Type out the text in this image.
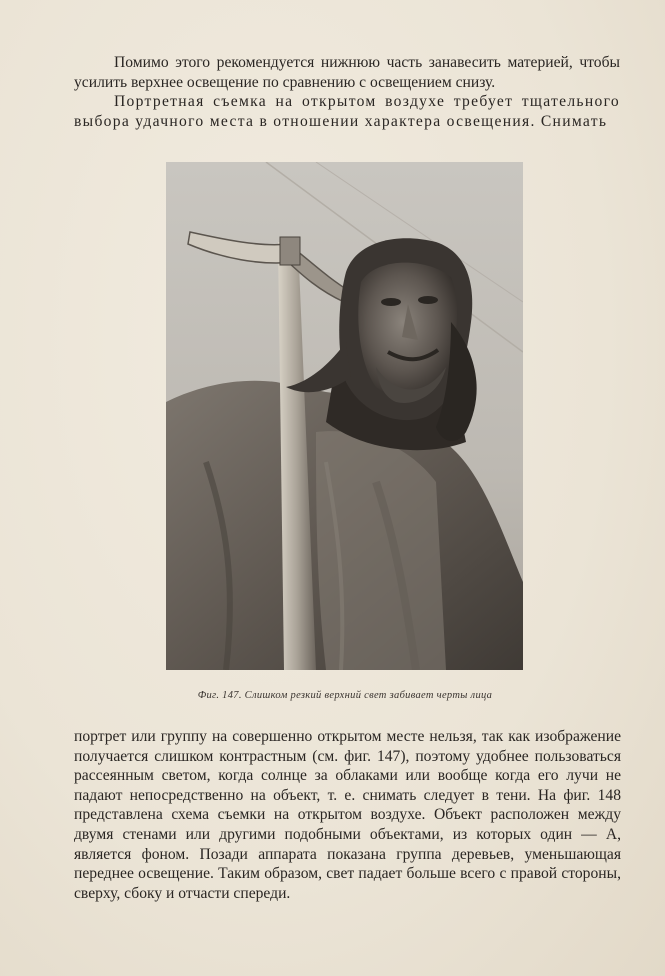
Помимо этого рекомендуется нижнюю часть занавесить материей, чтобы усилить верхнее освещение по сравнению с освещением снизу.

Портретная съемка на открытом воздухе требует тщательного выбора удачного места в отношении характера освещения. Снимать

Фиг. 147. Слишком резкий верхний свет забивает черты лица

портрет или группу на совершенно открытом месте нельзя, так как изображение получается слишком контрастным (см. фиг. 147), поэтому удобнее пользоваться рассеянным светом, когда солнце за облаками или вообще когда его лучи не падают непосредственно на объект, т. е. снимать следует в тени. На фиг. 148 представлена схема съемки на открытом воздухе. Объект расположен между двумя стенами или другими подобными объектами, из которых один — А, является фоном. Позади аппарата показана группа деревьев, уменьшающая переднее освещение. Таким образом, свет падает больше всего с правой стороны, сверху, сбоку и отчасти спереди.
